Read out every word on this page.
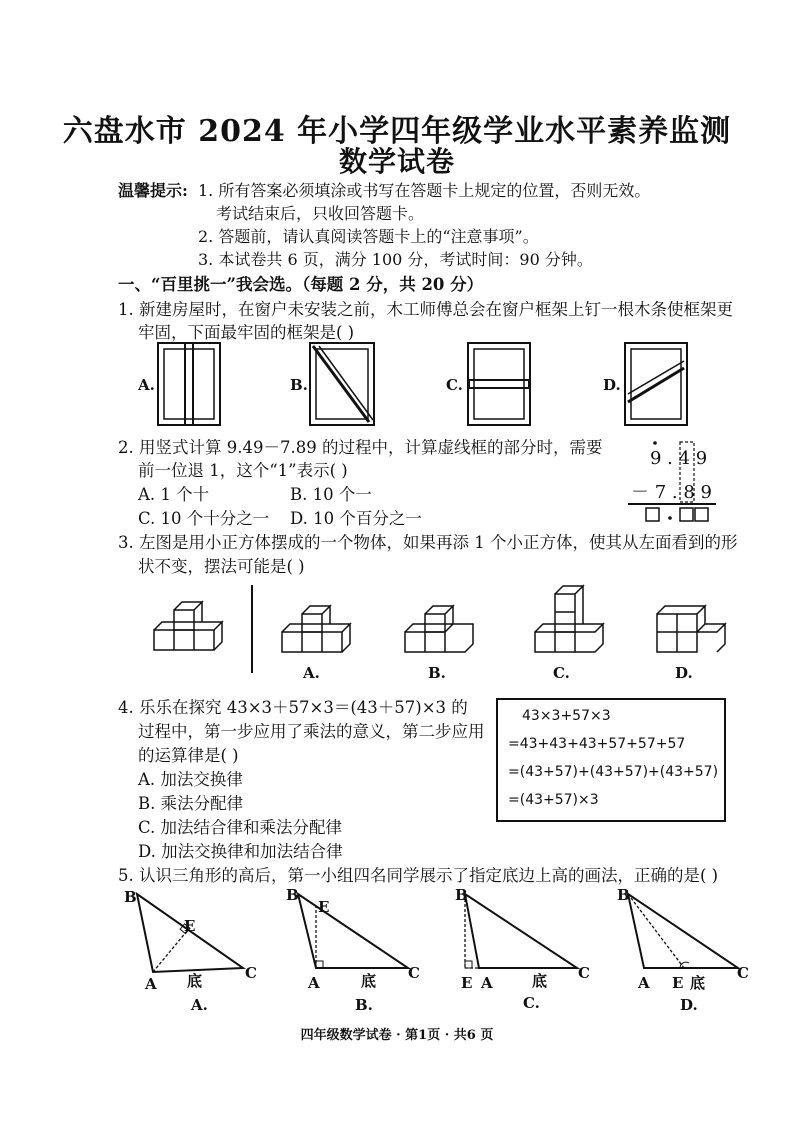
六盘水市 2024 年小学四年级学业水平素养监测
数学试卷
温馨提示: 1. 所有答案必须填涂或书写在答题卡上规定的位置，否则无效。
考试结束后，只收回答题卡。
2. 答题前，请认真阅读答题卡上的“注意事项”。
3. 本试卷共 6 页，满分 100 分，考试时间：90 分钟。
一、“百里挑一”我会选。（每题 2 分，共 20 分）
1. 新建房屋时，在窗户未安装之前，木工师傅总会在窗户框架上钉一根木条使框架更
牢固，下面最牢固的框架是( )
A.	B.	C.	D.
2. 用竖式计算 9.49－7.89 的过程中，计算虚线框的部分时，需要
前一位退 1，这个“1”表示( )
A. 1 个十	B. 10 个一
C. 10 个十分之一 D. 10 个百分之一
9 . 4 9
－ 7 . 8 9
3. 左图是用小正方体摆成的一个物体，如果再添 1 个小正方体，使其从左面看到的形
状不变，摆法可能是( )
A.	B.	C.	D.
4. 乐乐在探究 43×3＋57×3＝(43＋57)×3 的
过程中，第一步应用了乘法的意义，第二步应用
的运算律是( )
A. 加法交换律
B. 乘法分配律
C. 加法结合律和乘法分配律
D. 加法交换律和加法结合律
43×3+57×3
=43+43+43+57+57+57
=(43+57)+(43+57)+(43+57)
=(43+57)×3
5. 认识三角形的高后，第一小组四名同学展示了指定底边上高的画法，正确的是( )
B
E
A
C
底
A.
B
E
A
C
底
B.
B
E A
C
底
C.
B
A E 底
C
D.
四年级数学试卷 · 第1页 · 共6 页
